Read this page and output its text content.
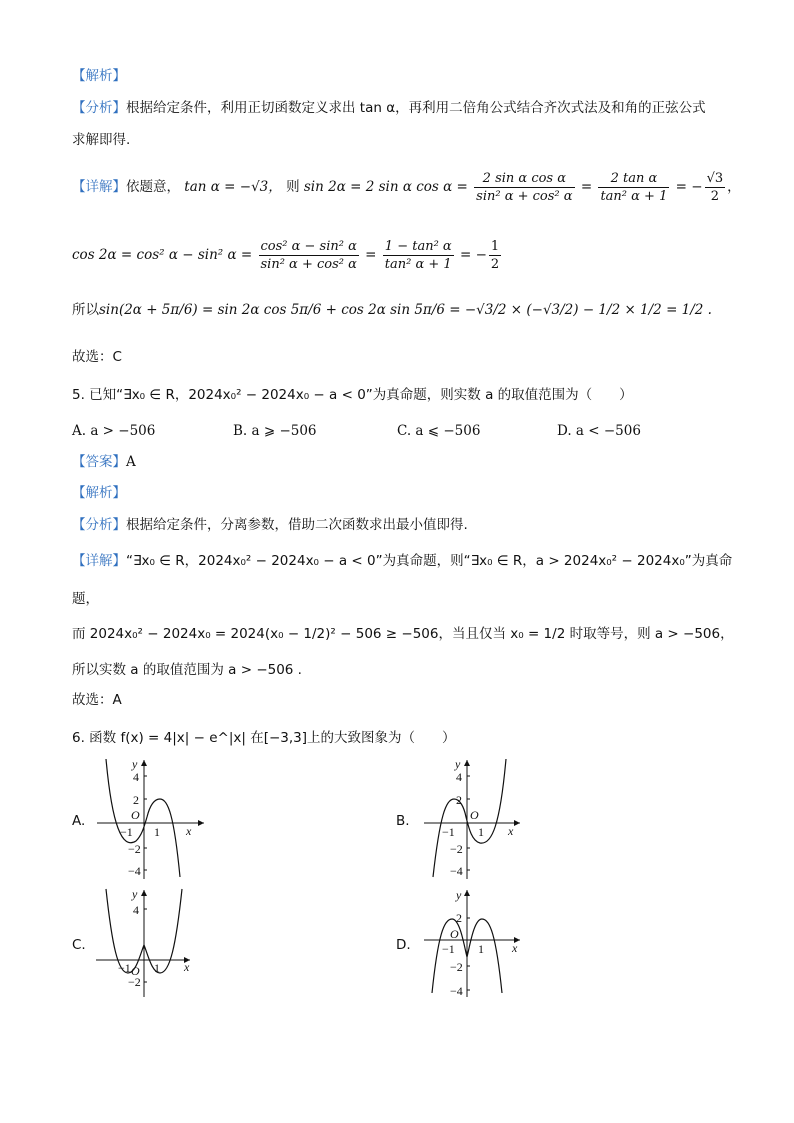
【解析】
【分析】根据给定条件，利用正切函数定义求出 tan α，再利用二倍角公式结合齐次式法及和角的正弦公式
求解即得.
【详解】依题意， tan α = −√3， 则 sin 2α = 2 sin α $\cos \alpha = \frac{\text{2 sin α cos α}}{\text{sin² α + cos² α}} = \frac{\text{2 tan α}}{\text{tan² α + 1}}$ = − $\frac{√3}{2}$ ，
cos 2α = cos² α − sin² $\alpha = \frac{\text{cos² α − sin² α}}{\text{sin² α + cos² α}} = \frac{\text{1 − tan² α}}{\text{tan² α + 1}}$ = − $\frac{1}{2}$
所以sin(2α + 5π/6) = sin 2α cos 5π/6 + cos 2α sin 5π/6 = −√3/2 × (−√3/2) − 1/2 × 1/2 = 1/2 .
故选：C
5. 已知“∃x₀ ∈ R，2024x₀² − 2024x₀ − a < 0”为真命题，则实数 a 的取值范围为（　　）
A. a > −506	B. a ⩾ −506	C. a ⩽ −506	D. a < −506
【答案】A
【解析】
【分析】根据给定条件，分离参数，借助二次函数求出最小值即得.
【详解】“∃x₀ ∈ R，2024x₀² − 2024x₀ − a < 0”为真命题，则“∃x₀ ∈ R，a > 2024x₀² − 2024x₀”为真命
题，
而 2024x₀² − 2024x₀ = 2024(x₀ − 1/2)² − 506 ≥ −506，当且仅当 x₀ = 1/2 时取等号，则 a > −506，
所以实数 a 的取值范围为 a > −506 .
故选：A
6. 函数 f(x) = 4|x| − e^|x| 在[−3,3]上的大致图象为（　　）
A.	B.
C.	D.
y
4
2
O
−1 1 x
−2
−4
y
4
2
O
−1 1 x
−2
−4
y
4
−1 O 1 x
−2
y
2
O
−1 1 x
−2
−4
